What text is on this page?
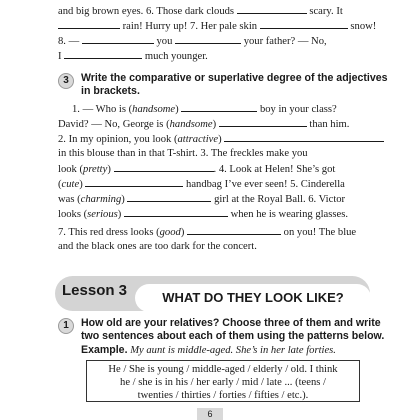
and big brown eyes. 6. Those dark clouds	scary. It
rain! Hurry up! 7. Her pale skin	snow!
8. —	you	your father? — No,
I	much younger.
3	Write the comparative or superlative degree of the adjectives
in brackets.
1. — Who is (handsome)	boy in your class?
David? — No, George is (handsome)	than him.
2. In my opinion, you look (attractive)
in this blouse than in that T-shirt. 3. The freckles make you
look (pretty)	. 4. Look at Helen! She’s got
(cute)	handbag I’ve ever seen! 5. Cinderella
was (charming)	girl at the Royal Ball. 6. Victor
looks (serious)	when he is wearing glasses.
7. This red dress looks (good)	on you! The blue
and the black ones are too dark for the concert.
Lesson 3	WHAT DO THEY LOOK LIKE?
1	How old are your relatives? Choose three of them and write
two sentences about each of them using the patterns below.
Example. My aunt is middle-aged. She’s in her late forties.
He / She is young / middle-aged / elderly / old. I think
he / she is in his / her early / mid / late ... (teens /
twenties / thirties / forties / fifties / etc.).
6
